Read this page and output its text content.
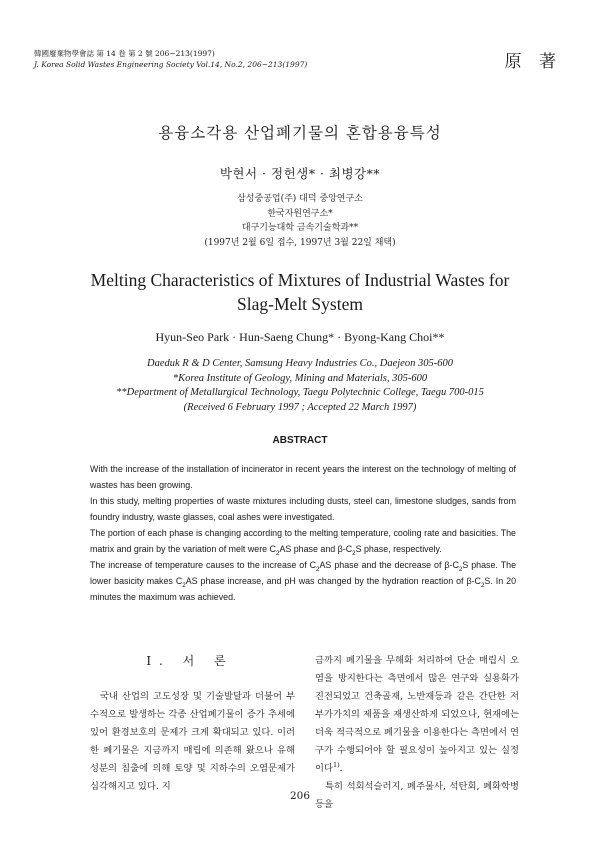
韓國廢棄物學會誌 第 14 卷 第 2 號 206~213(1997)
J. Korea Solid Wastes Engineering Society Vol.14, No.2, 206~213(1997)	原 著
용융소각용 산업폐기물의 혼합용융특성
박현서 · 정헌생* · 최병강**
삼성중공업(주) 대덕 중앙연구소
한국자원연구소*
대구기능대학 금속기술학과**
(1997년 2월 6일 접수, 1997년 3월 22일 채택)
Melting Characteristics of Mixtures of Industrial Wastes for
Slag-Melt System
Hyun-Seo Park · Hun-Saeng Chung* · Byong-Kang Choi**
Daeduk R & D Center, Samsung Heavy Industries Co., Daejeon 305-600
*Korea Institute of Geology, Mining and Materials, 305-600
**Department of Metallurgical Technology, Taegu Polytechnic College, Taegu 700-015
(Received 6 February 1997 ; Accepted 22 March 1997)
ABSTRACT

With the increase of the installation of incinerator in recent years the interest on the technology of melting of wastes has been growing.

In this study, melting properties of waste mixtures including dusts, steel can, limestone sludges, sands from foundry industry, waste glasses, coal ashes were investigated.

The portion of each phase is changing according to the melting temperature, cooling rate and basicities. The matrix and grain by the variation of melt were $C_2AS$ phase and $\beta-C_2S$ phase, respectively.

The increase of temperature causes to the increase of $C_2AS$ phase and the decrease of $\beta-C_2S$ phase. The lower basicity makes $C_2AS$ phase increase, and pH was changed by the hydration reaction of $\beta-C_2S$. In 20 minutes the maximum was achieved.

I. 서 론

국내 산업의 고도성장 및 기술발달과 더불어 부수적으로 발생하는 각종 산업폐기물이 증가 추세에 있어 환경보호의 문제가 크게 확대되고 있다. 이러한 폐기물은 지금까지 매립에 의존해 왔으나 유해성분의 침출에 의해 토양 및 지하수의 오염문제가 심각해지고 있다. 지

금까지 폐기물을 무해화 처리하여 단순 매립시 오염을 방지한다는 측면에서 많은 연구와 실용화가 진전되었고 건축골재, 노반재등과 같은 간단한 저부가가치의 제품을 재생산하게 되었으나, 현재에는 더욱 적극적으로 폐기물을 이용한다는 측면에서 연구가 수행되어야 할 필요성이 높아지고 있는 실정이다$^{1)}$.

특히 석회석슬러지, 폐주물사, 석탄회, 폐화학병등을

206
